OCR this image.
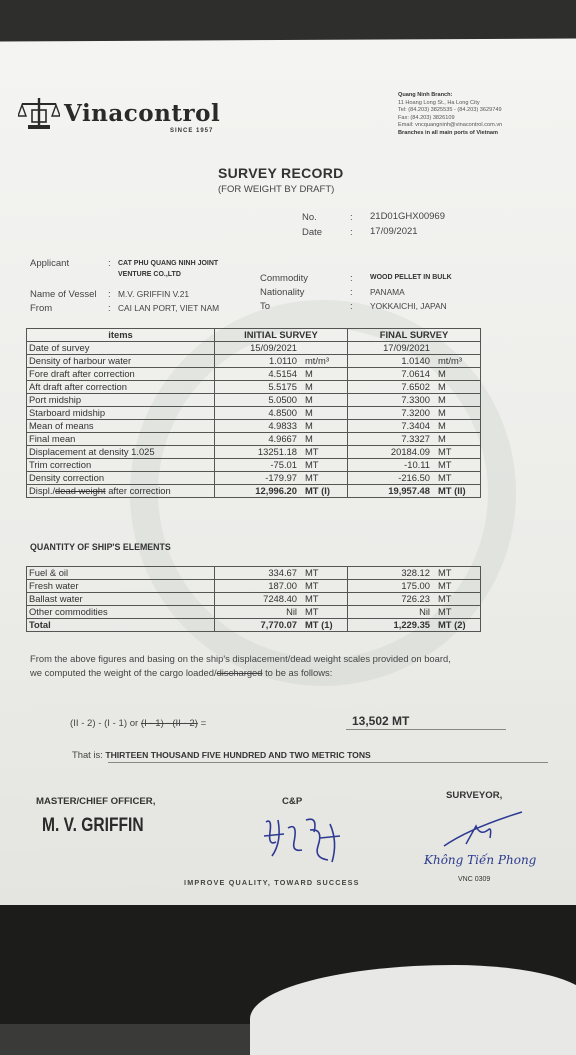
Vinacontrol
SINCE 1957
Quang Ninh Branch:
11 Hoang Long St., Ha Long City
Tel: (84.203) 3825535 - (84.203) 3629749
Fax: (84.203) 3826109
Email: vncquangninh@vinacontrol.com.vn
Branches in all main ports of Vietnam
SURVEY RECORD
(FOR WEIGHT BY DRAFT)
No.	: 21D01GHX00969
Date	: 17/09/2021
Applicant	: CAT PHU QUANG NINH JOINT
VENTURE CO.,LTD
Name of Vessel : M.V. GRIFFIN V.21
From	: CAI LAN PORT, VIET NAM
Commodity	: WOOD PELLET IN BULK
Nationality	: PANAMA
To	: YOKKAICHI, JAPAN
items	INITIAL SURVEY	FINAL SURVEY
Date of survey	15/09/2021	17/09/2021

Density of harbour water	1.0110 mt/m³	1.0140 mt/m³

Fore draft after correction	4.5154 M	7.0614 M

Aft draft after correction	5.5175 M	7.6502 M

Port midship	5.0500 M	7.3300 M

Starboard midship	4.8500 M	7.3200 M

Mean of means	4.9833 M	7.3404 M

Final mean	4.9667 M	7.3327 M

Displacement at density 1.025	13251.18 MT	20184.09 MT

Trim correction	-75.01 MT	-10.11 MT

Density correction	-179.97 MT	-216.50 MT

Displ./dead weight after correction	12,996.20 MT (I)	19,957.48 MT (II)
QUANTITY OF SHIP'S ELEMENTS
Fuel & oil	334.67 MT	328.12 MT

Fresh water	187.00 MT	175.00 MT

Ballast water	7248.40 MT	726.23 MT

Other commodities	Nil MT	Nil MT

Total	7,770.07 MT (1)	1,229.35 MT (2)
From the above figures and basing on the ship's displacement/dead weight scales provided on board,
we computed the weight of the cargo loaded/discharged to be as follows:
(II - 2) - (I - 1) or (I - 1) - (II - 2) =	13,502 MT
That is: THIRTEEN THOUSAND FIVE HUNDRED AND TWO METRIC TONS
MASTER/CHIEF OFFICER,
M. V. GRIFFIN
C&P
SURVEYOR,
Không Tiến Phong
VNC 0309
IMPROVE QUALITY, TOWARD SUCCESS
